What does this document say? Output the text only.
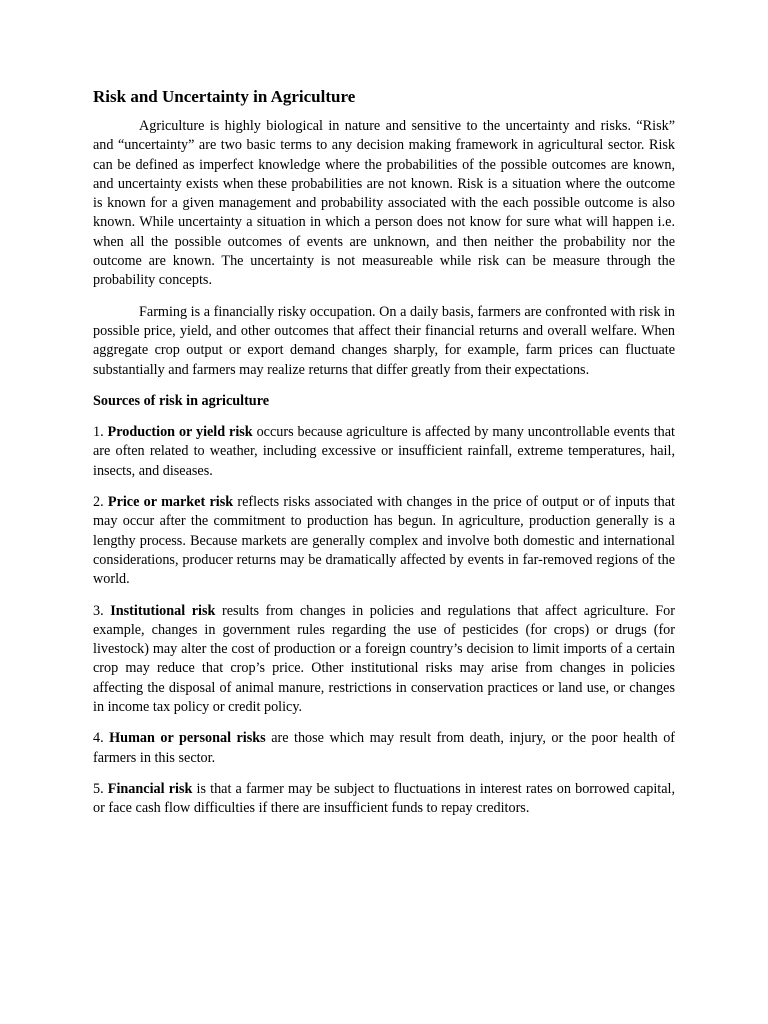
Risk and Uncertainty in Agriculture

Agriculture is highly biological in nature and sensitive to the uncertainty and risks. “Risk” and “uncertainty” are two basic terms to any decision making framework in agricultural sector. Risk can be defined as imperfect knowledge where the probabilities of the possible outcomes are known, and uncertainty exists when these probabilities are not known. Risk is a situation where the outcome is known for a given management and probability associated with the each possible outcome is also known. While uncertainty a situation in which a person does not know for sure what will happen i.e. when all the possible outcomes of events are unknown, and then neither the probability nor the outcome are known. The uncertainty is not measureable while risk can be measure through the probability concepts.

Farming is a financially risky occupation. On a daily basis, farmers are confronted with risk in possible price, yield, and other outcomes that affect their financial returns and overall welfare. When aggregate crop output or export demand changes sharply, for example, farm prices can fluctuate substantially and farmers may realize returns that differ greatly from their expectations.

Sources of risk in agriculture

1. Production or yield risk occurs because agriculture is affected by many uncontrollable events that are often related to weather, including excessive or insufficient rainfall, extreme temperatures, hail, insects, and diseases.

2. Price or market risk reflects risks associated with changes in the price of output or of inputs that may occur after the commitment to production has begun. In agriculture, production generally is a lengthy process. Because markets are generally complex and involve both domestic and international considerations, producer returns may be dramatically affected by events in far-removed regions of the world.

3. Institutional risk results from changes in policies and regulations that affect agriculture. For example, changes in government rules regarding the use of pesticides (for crops) or drugs (for livestock) may alter the cost of production or a foreign country’s decision to limit imports of a certain crop may reduce that crop’s price. Other institutional risks may arise from changes in policies affecting the disposal of animal manure, restrictions in conservation practices or land use, or changes in income tax policy or credit policy.

4. Human or personal risks are those which may result from death, injury, or the poor health of farmers in this sector.

5. Financial risk is that a farmer may be subject to fluctuations in interest rates on borrowed capital, or face cash flow difficulties if there are insufficient funds to repay creditors.
